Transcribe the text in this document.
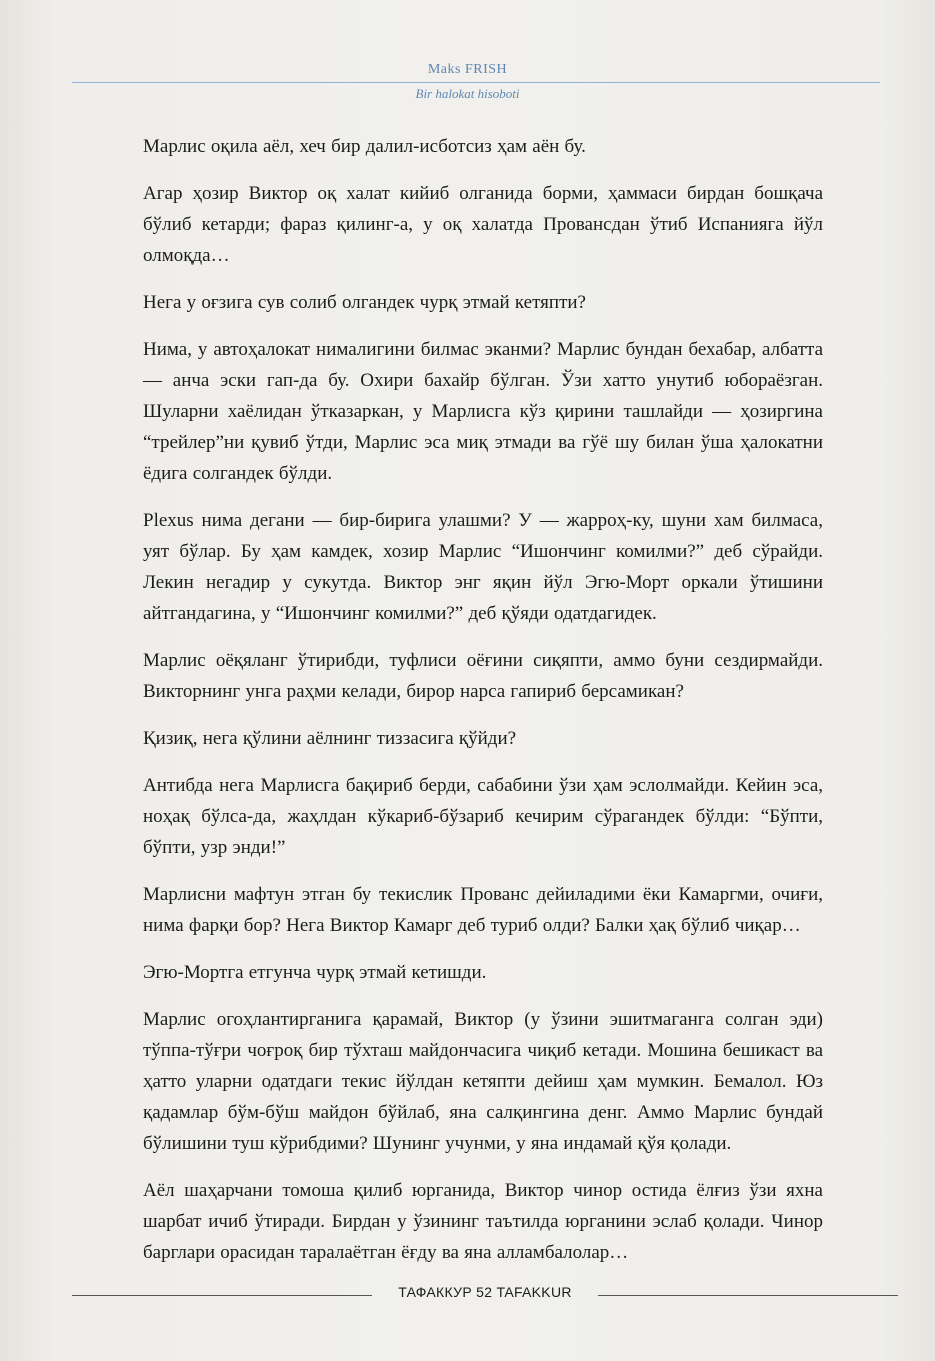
Maks FRISH
Bir halokat hisoboti

Марлис оқила аёл, хеч бир далил-исботсиз ҳам аён бу.

Агар ҳозир Виктор оқ халат кийиб олганида борми, ҳаммаси бирдан бошқача бўлиб кетарди; фараз қилинг-а, у оқ халатда Провансдан ўтиб Испанияга йўл олмоқда…

Нега у оғзига сув солиб олгандек чурқ этмай кетяпти?

Нима, у автоҳалокат нималигини билмас эканми? Марлис бундан бехабар, албатта — анча эски гап-да бу. Охири бахайр бўлган. Ўзи хатто унутиб юбораёзган. Шуларни хаёлидан ўтказаркан, у Марлисга кўз қирини ташлайди — ҳозиргина “трейлер”ни қувиб ўтди, Марлис эса миқ этмади ва гўё шу билан ўша ҳалокатни ёдига солгандек бўлди.

Plexus нима дегани — бир-бирига улашми? У — жарроҳ-ку, шуни хам билмаса, уят бўлар. Бу ҳам камдек, хозир Марлис “Ишончинг комилми?” деб сўрайди. Лекин негадир у сукутда. Виктор энг яқин йўл Эгю-Морт оркали ўтишини айтгандагина, у “Ишончинг комилми?” деб қўяди одатдагидек.

Марлис оёқяланг ўтирибди, туфлиси оёғини сиқяпти, аммо буни сездирмайди. Викторнинг унга раҳми келади, бирор нарса гапириб берсамикан?

Қизиқ, нега қўлини аёлнинг тиззасига қўйди?

Антибда нега Марлисга бақириб берди, сабабини ўзи ҳам эслолмайди. Кейин эса, ноҳақ бўлса-да, жаҳлдан кўкариб-бўзариб кечирим сўрагандек бўлди: “Бўпти, бўпти, узр энди!”

Марлисни мафтун этган бу текислик Прованс дейиладими ёки Камаргми, очиғи, нима фарқи бор? Нега Виктор Камарг деб туриб олди? Балки ҳақ бўлиб чиқар…

Эгю-Мортга етгунча чурқ этмай кетишди.

Марлис огоҳлантирганига қарамай, Виктор (у ўзини эшитмаганга солган эди) тўппа-тўғри чоғроқ бир тўхташ майдончасига чиқиб кетади. Мошина бешикаст ва ҳатто уларни одатдаги текис йўлдан кетяпти дейиш ҳам мумкин. Бемалол. Юз қадамлар бўм-бўш майдон бўйлаб, яна салқингина денг. Аммо Марлис бундай бўлишини туш кўрибдими? Шунинг учунми, у яна индамай қўя қолади.

Аёл шаҳарчани томоша қилиб юрганида, Виктор чинор остида ёлғиз ўзи яхна шарбат ичиб ўтиради. Бирдан у ўзининг таътилда юрганини эслаб қолади. Чинор барглари орасидан таралаётган ёғду ва яна алламбалолар…

ТАФАККУР 52 TAFAKKUR
